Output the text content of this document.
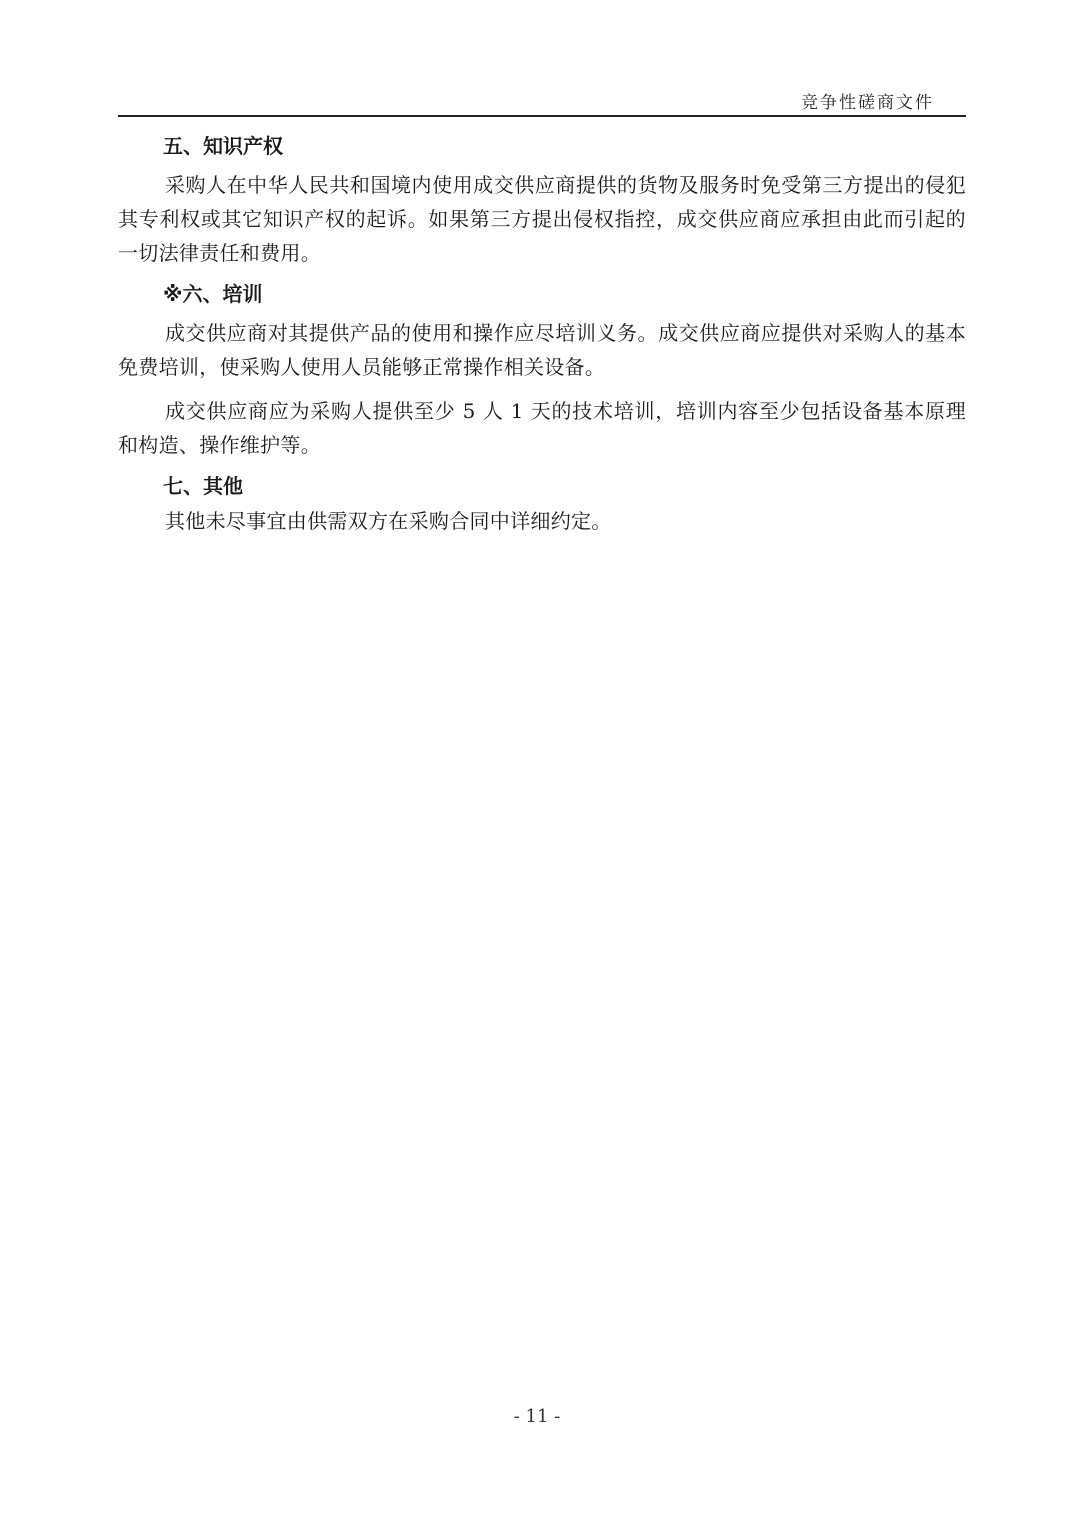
竞争性磋商文件
五、知识产权

采购人在中华人民共和国境内使用成交供应商提供的货物及服务时免受第三方提出的侵犯其专利权或其它知识产权的起诉。如果第三方提出侵权指控，成交供应商应承担由此而引起的一切法律责任和费用。

※六、培训

成交供应商对其提供产品的使用和操作应尽培训义务。成交供应商应提供对采购人的基本免费培训，使采购人使用人员能够正常操作相关设备。

成交供应商应为采购人提供至少 5 人 1 天的技术培训，培训内容至少包括设备基本原理和构造、操作维护等。

七、其他

其他未尽事宜由供需双方在采购合同中详细约定。

- 11 -
